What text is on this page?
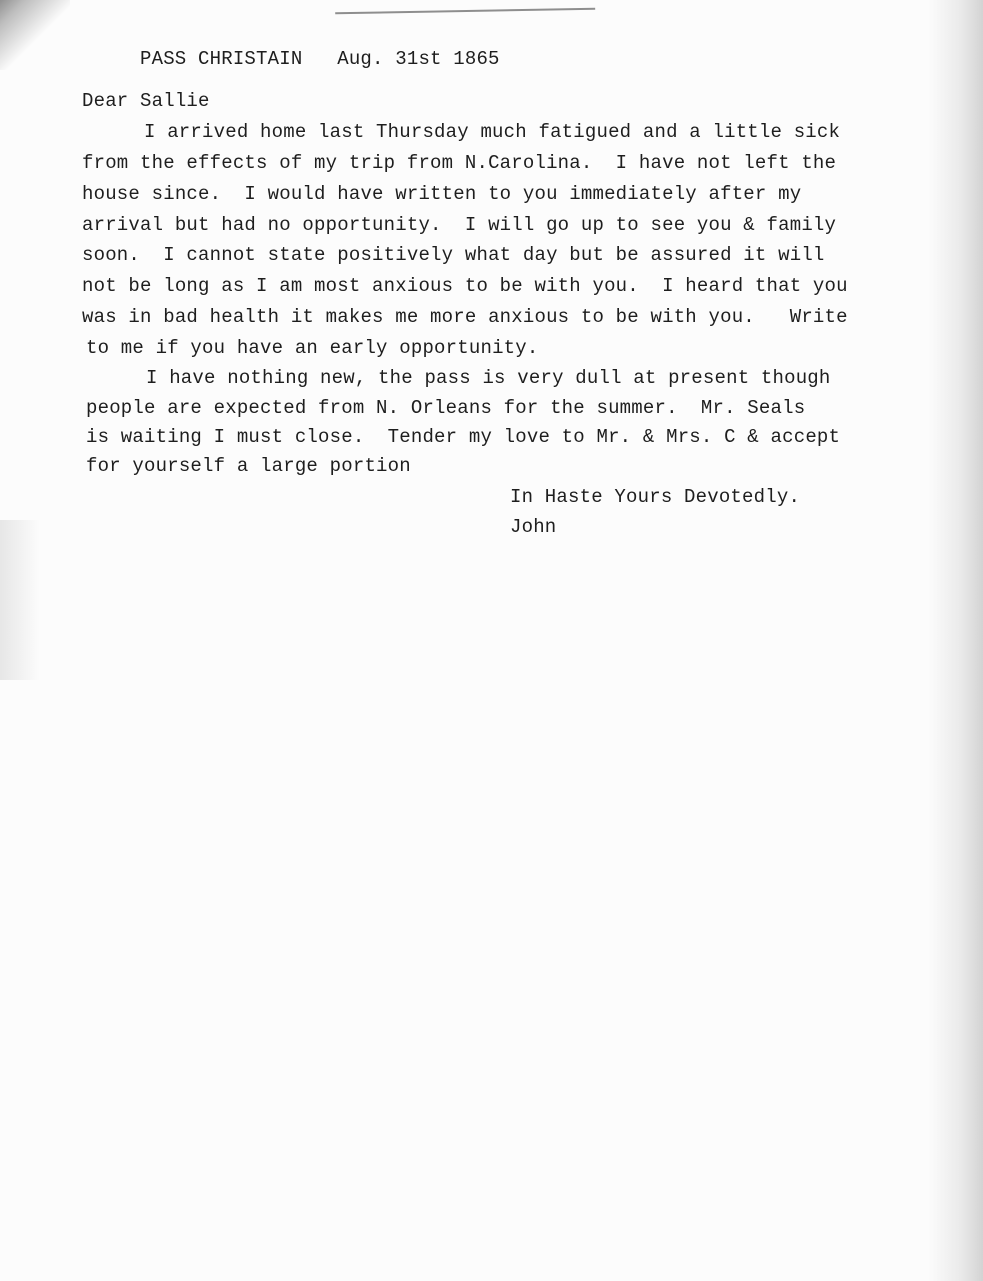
PASS CHRISTAIN   Aug. 31st 1865
Dear Sallie
I arrived home last Thursday much fatigued and a little sick
from the effects of my trip from N.Carolina.  I have not left the
house since.  I would have written to you immediately after my
arrival but had no opportunity.  I will go up to see you & family
soon.  I cannot state positively what day but be assured it will
not be long as I am most anxious to be with you.  I heard that you
was in bad health it makes me more anxious to be with you.   Write
to me if you have an early opportunity.
I have nothing new, the pass is very dull at present though
people are expected from N. Orleans for the summer.  Mr. Seals
is waiting I must close.  Tender my love to Mr. & Mrs. C & accept
for yourself a large portion
In Haste Yours Devotedly.
John
